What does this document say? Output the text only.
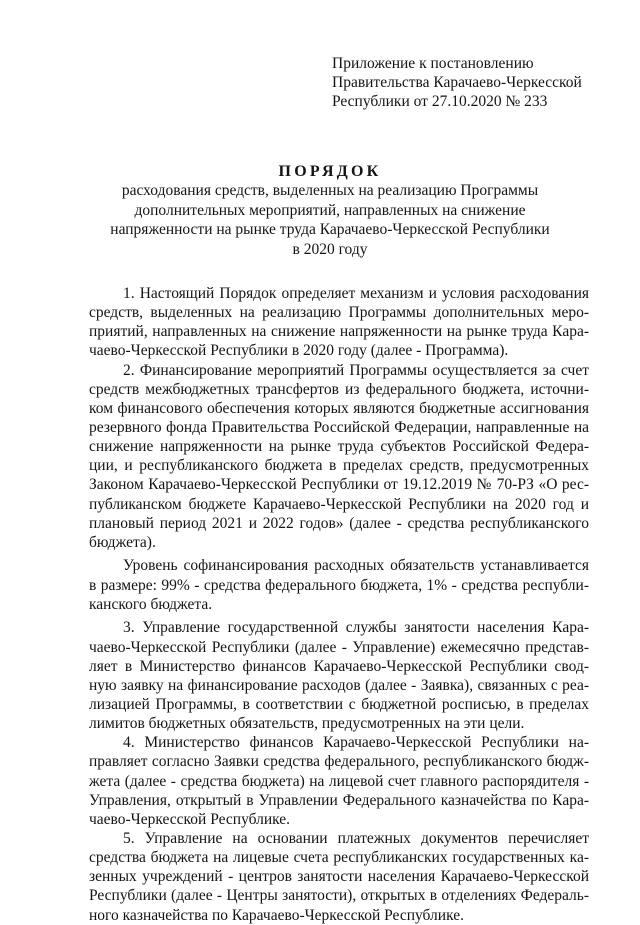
Приложение к постановлению
Правительства Карачаево-Черкесской
Республики от 27.10.2020 № 233
ПОРЯДОК
расходования средств, выделенных на реализацию Программы
дополнительных мероприятий, направленных на снижение
напряженности на рынке труда Карачаево-Черкесской Республики
в 2020 году
1. Настоящий Порядок определяет механизм и условия расходования
средств, выделенных на реализацию Программы дополнительных меро-
приятий, направленных на снижение напряженности на рынке труда Кара-
чаево-Черкесской Республики в 2020 году (далее - Программа).
2. Финансирование мероприятий Программы осуществляется за счет
средств межбюджетных трансфертов из федерального бюджета, источни-
ком финансового обеспечения которых являются бюджетные ассигнования
резервного фонда Правительства Российской Федерации, направленные на
снижение напряженности на рынке труда субъектов Российской Федера-
ции, и республиканского бюджета в пределах средств, предусмотренных
Законом Карачаево-Черкесской Республики от 19.12.2019 № 70-РЗ «О рес-
публиканском бюджете Карачаево-Черкесской Республики на 2020 год и
плановый период 2021 и 2022 годов» (далее - средства республиканского
бюджета).
Уровень софинансирования расходных обязательств устанавливается
в размере: 99% - средства федерального бюджета, 1% - средства республи-
канского бюджета.
3. Управление государственной службы занятости населения Кара-
чаево-Черкесской Республики (далее - Управление) ежемесячно представ-
ляет в Министерство финансов Карачаево-Черкесской Республики свод-
ную заявку на финансирование расходов (далее - Заявка), связанных с реа-
лизацией Программы, в соответствии с бюджетной росписью, в пределах
лимитов бюджетных обязательств, предусмотренных на эти цели.
4. Министерство финансов Карачаево-Черкесской Республики на-
правляет согласно Заявки средства федерального, республиканского бюдж-
жета (далее - средства бюджета) на лицевой счет главного распорядителя -
Управления, открытый в Управлении Федерального казначейства по Кара-
чаево-Черкесской Республике.
5. Управление на основании платежных документов перечисляет
средства бюджета на лицевые счета республиканских государственных ка-
зенных учреждений - центров занятости населения Карачаево-Черкесской
Республики (далее - Центры занятости), открытых в отделениях Федераль-
ного казначейства по Карачаево-Черкесской Республике.
